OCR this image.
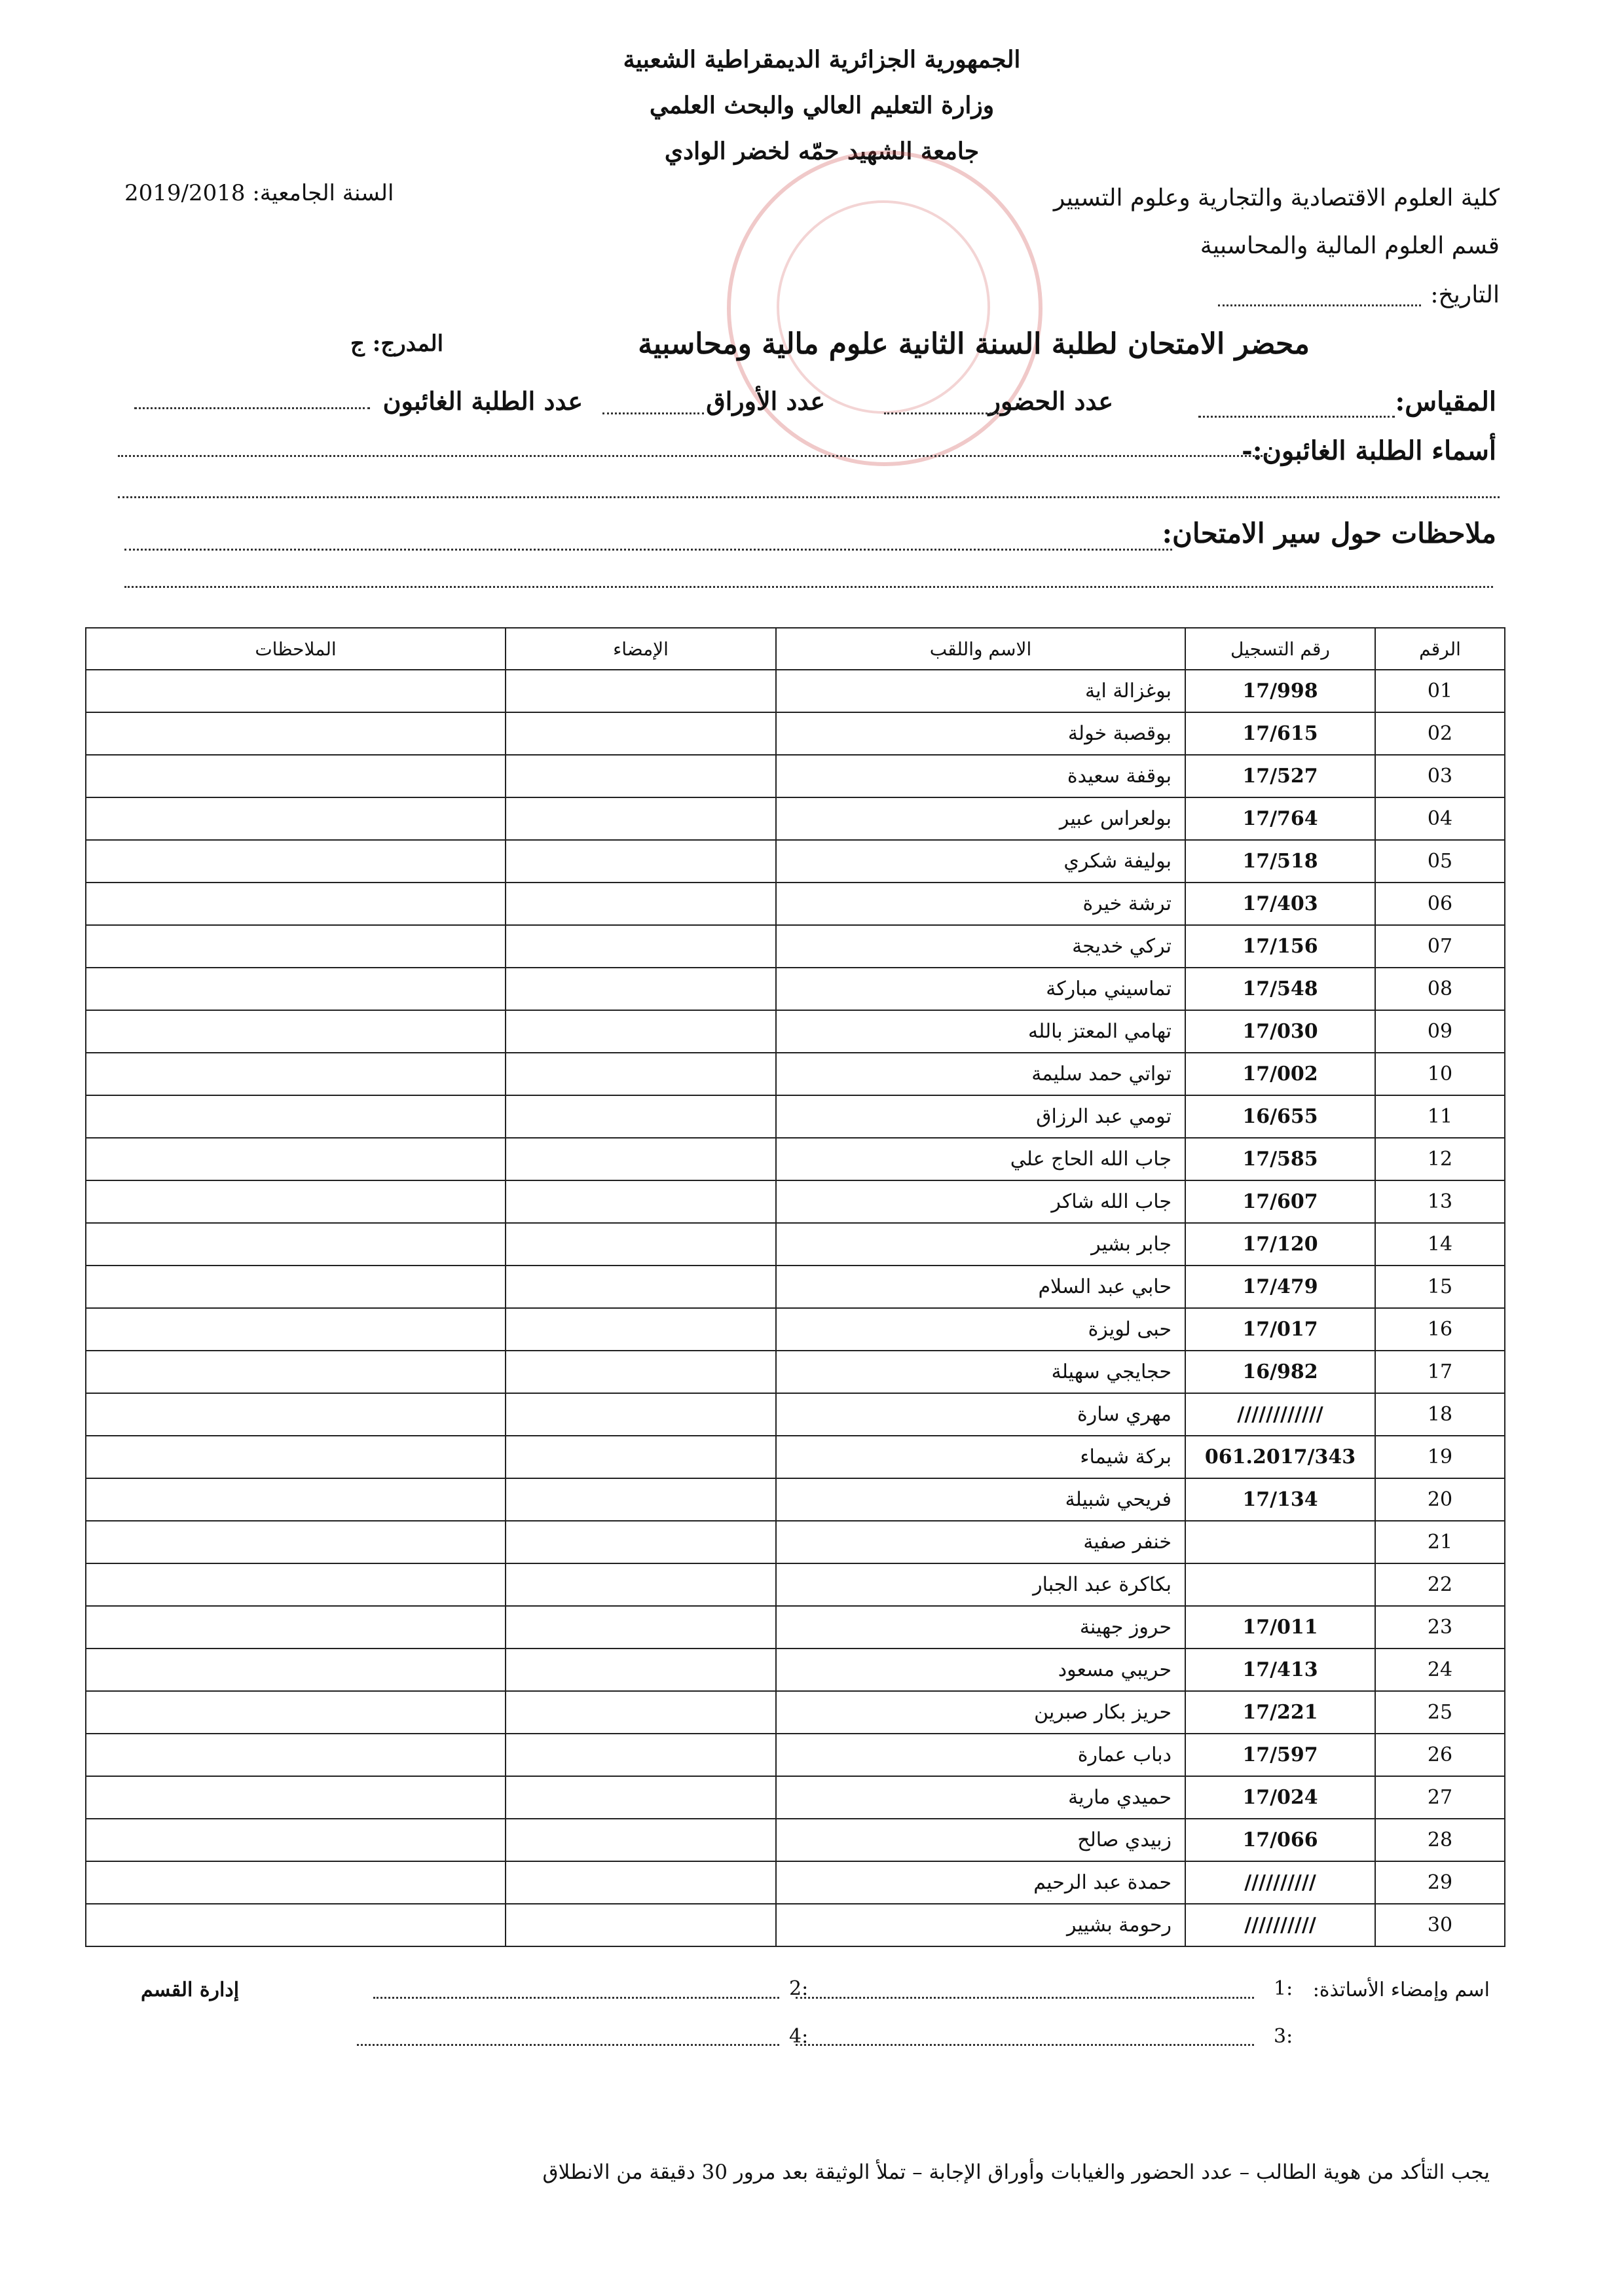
الجمهورية الجزائرية الديمقراطية الشعبية
وزارة التعليم العالي والبحث العلمي
جامعة الشهيد حمّه لخضر الوادي
كلية العلوم الاقتصادية والتجارية وعلوم التسيير
قسم العلوم المالية والمحاسبية
التاريخ:
السنة الجامعية: 2019/2018
محضر الامتحان لطلبة السنة الثانية علوم مالية ومحاسبية
المدرج: ج
المقياس:
عدد الحضور
عدد الأوراق
عدد الطلبة الغائبون
أسماء الطلبة الغائبون:-
ملاحظات حول سير الامتحان:
الرقم	رقم التسجيل	الاسم واللقب	الإمضاء	الملاحظات
01	17/998	بوغزالة اية		
02	17/615	بوقصبة خولة		
03	17/527	بوقفة سعيدة		
04	17/764	بولعراس عبير		
05	17/518	بوليفة شكري		
06	17/403	ترشة خيرة		
07	17/156	تركي خديجة		
08	17/548	تماسيني مباركة		
09	17/030	تهامي المعتز بالله		
10	17/002	تواتي حمد سليمة		
11	16/655	تومي عبد الرزاق		
12	17/585	جاب الله الحاج علي		
13	17/607	جاب الله شاكر		
14	17/120	جابر بشير		
15	17/479	حابي عبد السلام		
16	17/017	حبى لويزة		
17	16/982	حجايجي سهيلة		
18	////////////	مهري سارة		
19	061.2017/343	بركة شيماء		
20	17/134	فريحي شبيلة		
21		خنفر صفية		
22		بكاكرة عبد الجبار		
23	17/011	حروز جهينة		
24	17/413	حريبي مسعود		
25	17/221	حريز بكار صبرين		
26	17/597	دباب عمارة		
27	17/024	حميدي مارية		
28	17/066	زبيدي صالح		
29	//////////	حمدة عبد الرحيم		
30	//////////	رحومة بشيير		
اسم وإمضاء الأساتذة:
1:
2:
إدارة القسم
3:
4:
يجب التأكد من هوية الطالب – عدد الحضور والغيابات وأوراق الإجابة – تملأ الوثيقة بعد مرور 30 دقيقة من الانطلاق
